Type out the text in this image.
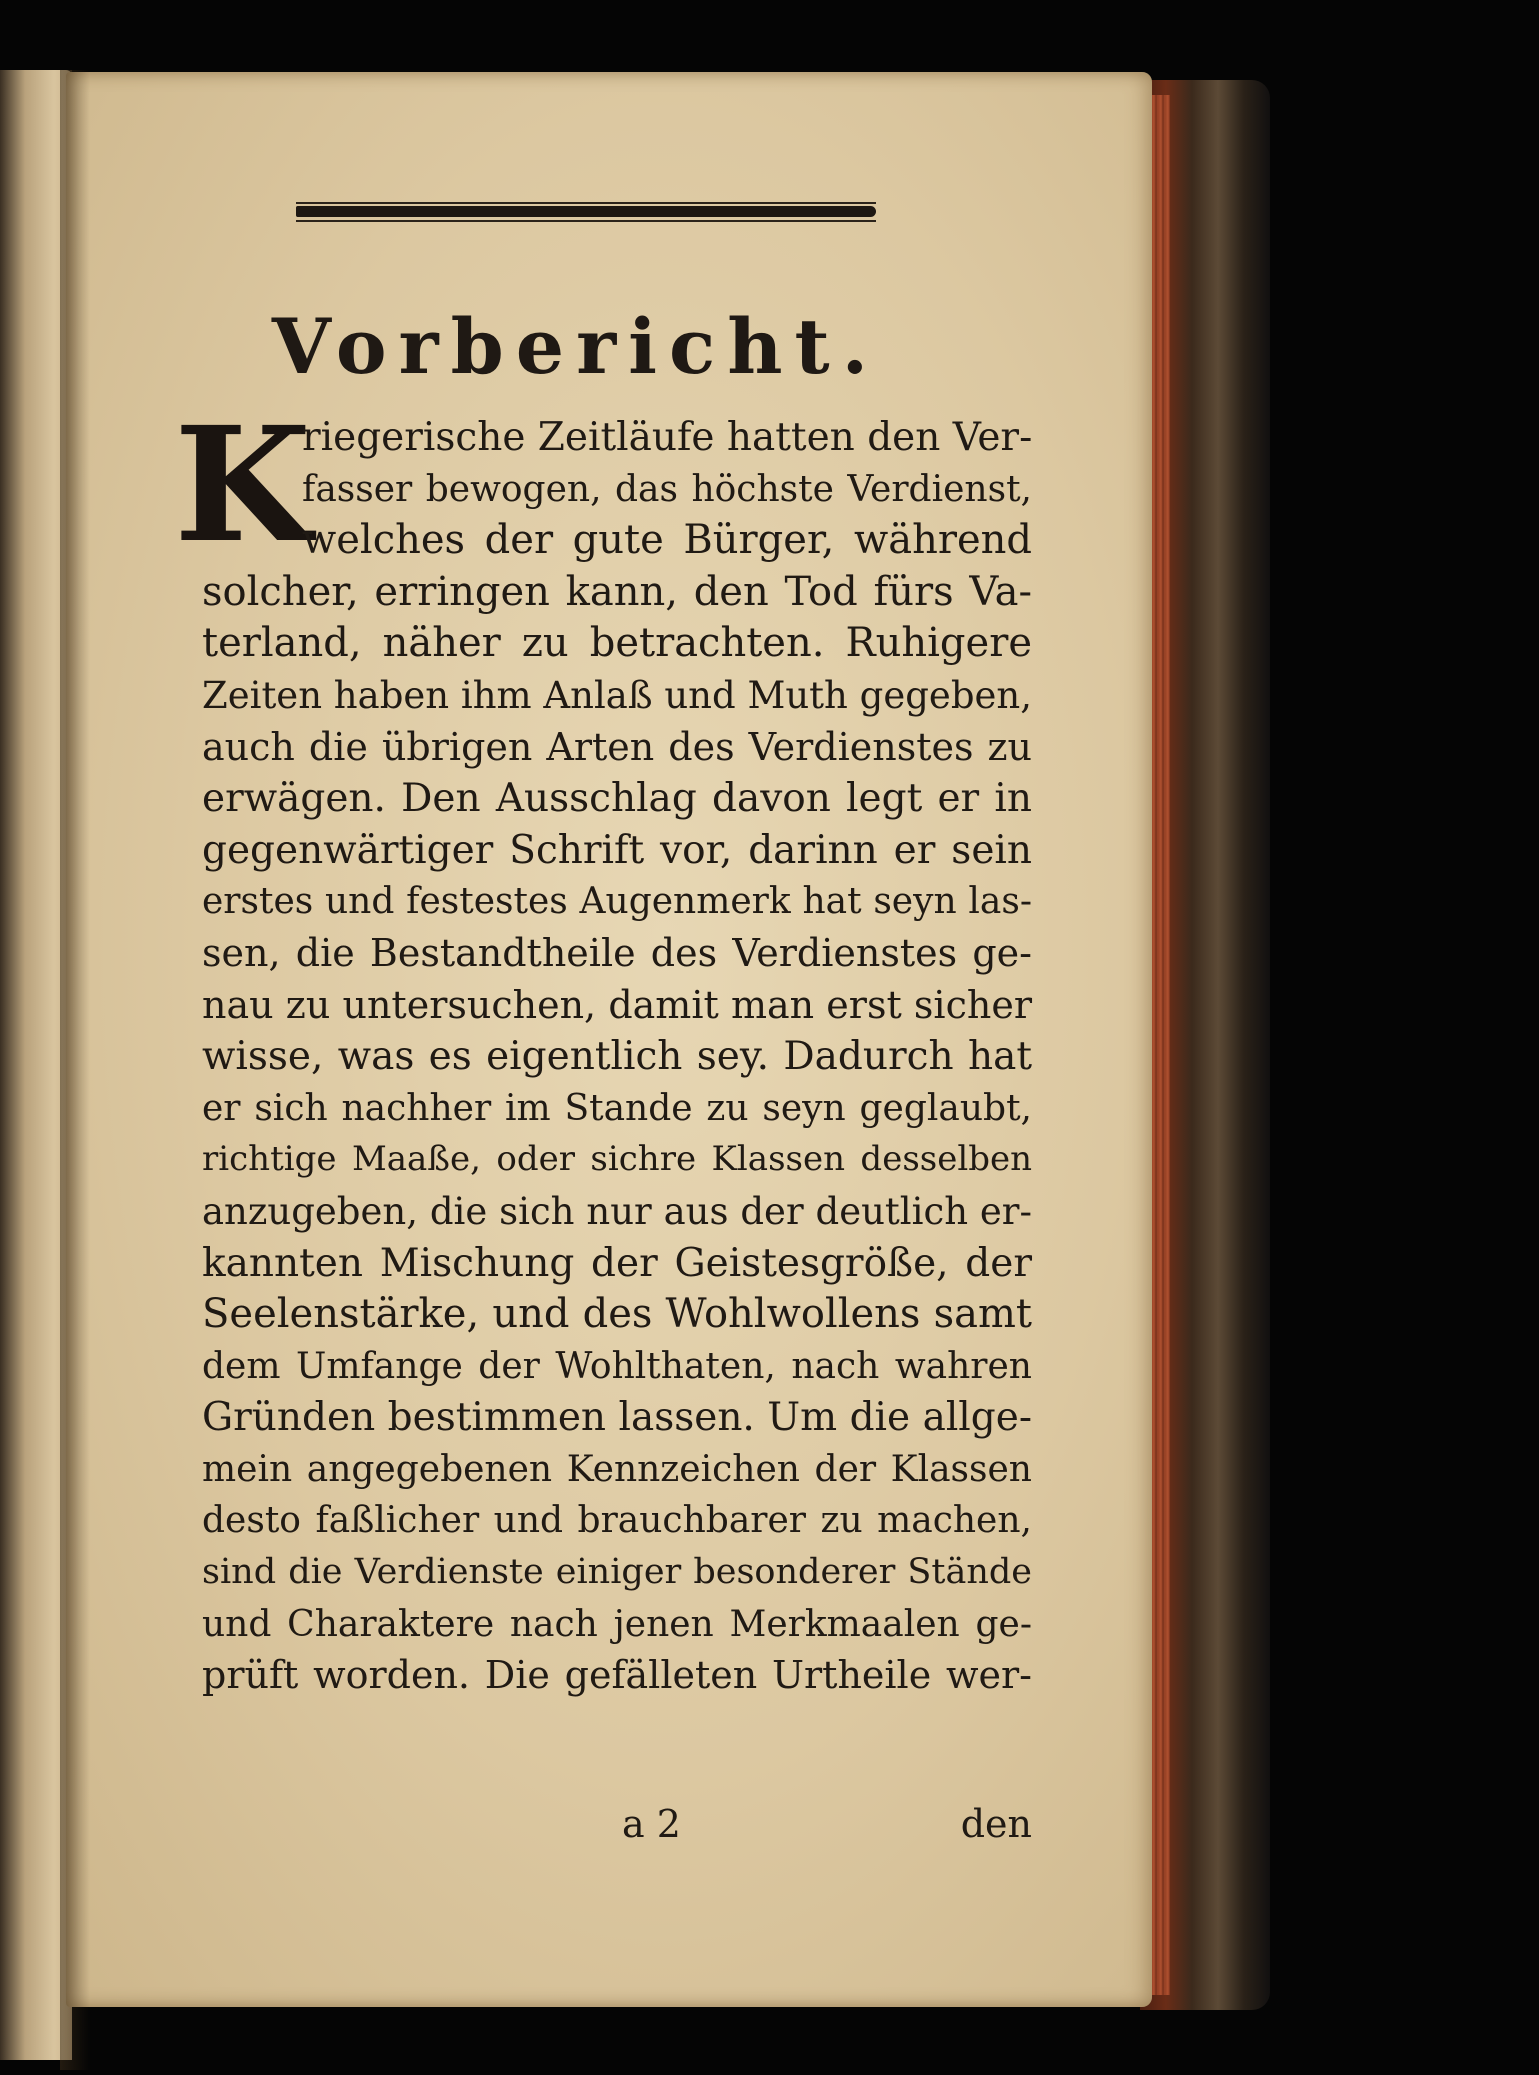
Vorbericht.
K
riegerische Zeitläufe hatten den Ver-
fasser bewogen, das höchste Verdienst,
welches der gute Bürger, während
solcher, erringen kann, den Tod fürs Va-
terland, näher zu betrachten. Ruhigere
Zeiten haben ihm Anlaß und Muth gegeben,
auch die übrigen Arten des Verdienstes zu
erwägen. Den Ausschlag davon legt er in
gegenwärtiger Schrift vor, darinn er sein
erstes und festestes Augenmerk hat seyn las-
sen, die Bestandtheile des Verdienstes ge-
nau zu untersuchen, damit man erst sicher
wisse, was es eigentlich sey. Dadurch hat
er sich nachher im Stande zu seyn geglaubt,
richtige Maaße, oder sichre Klassen desselben
anzugeben, die sich nur aus der deutlich er-
kannten Mischung der Geistesgröße, der
Seelenstärke, und des Wohlwollens samt
dem Umfange der Wohlthaten, nach wahren
Gründen bestimmen lassen. Um die allge-
mein angegebenen Kennzeichen der Klassen
desto faßlicher und brauchbarer zu machen,
sind die Verdienste einiger besonderer Stände
und Charaktere nach jenen Merkmaalen ge-
prüft worden. Die gefälleten Urtheile wer-
a 2	den
